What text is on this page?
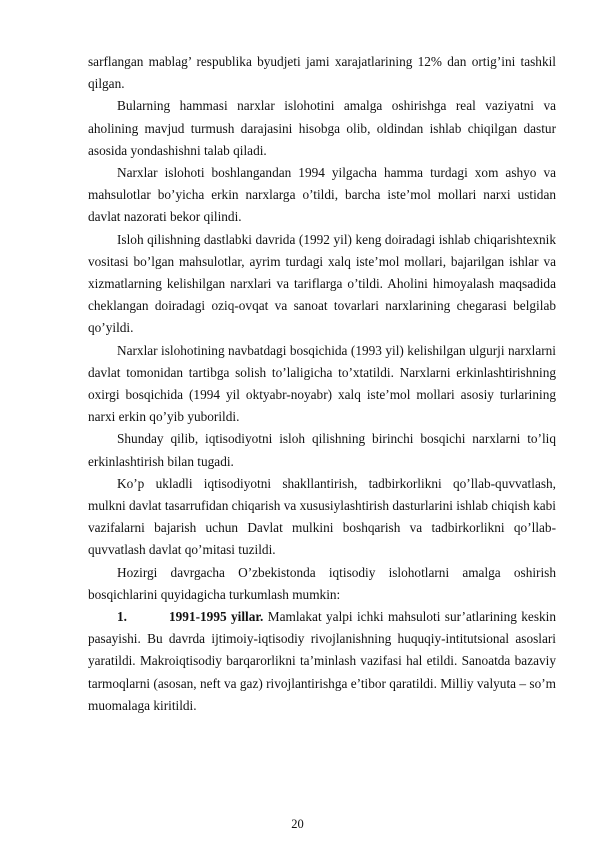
sarflangan mablag’ respublika byudjeti jami xarajatlarining 12% dan ortig’ini tashkil qilgan.

Bularning hammasi narxlar islohotini amalga oshirishga real vaziyatni va aholining mavjud turmush darajasini hisobga olib, oldindan ishlab chiqilgan dastur asosida yondashishni talab qiladi.

Narxlar islohoti boshlangandan 1994 yilgacha hamma turdagi xom ashyo va mahsulotlar bo’yicha erkin narxlarga o’tildi, barcha iste’mol mollari narxi ustidan davlat nazorati bekor qilindi.

Isloh qilishning dastlabki davrida (1992 yil) keng doiradagi ishlab chiqarishtexnik vositasi bo’lgan mahsulotlar, ayrim turdagi xalq iste’mol mollari, bajarilgan ishlar va xizmatlarning kelishilgan narxlari va tariflarga o’tildi. Aholini himoyalash maqsadida cheklangan doiradagi oziq-ovqat va sanoat tovarlari narxlarining chegarasi belgilab qo’yildi.

Narxlar islohotining navbatdagi bosqichida (1993 yil) kelishilgan ulgurji narxlarni davlat tomonidan tartibga solish to’laligicha to’xtatildi. Narxlarni erkinlashtirishning oxirgi bosqichida (1994 yil oktyabr-noyabr) xalq iste’mol mollari asosiy turlarining narxi erkin qo’yib yuborildi.

Shunday qilib, iqtisodiyotni isloh qilishning birinchi bosqichi narxlarni to’liq erkinlashtirish bilan tugadi.

Ko’p ukladli iqtisodiyotni shakllantirish, tadbirkorlikni qo’llab-quvvatlash, mulkni davlat tasarrufidan chiqarish va xususiylashtirish dasturlarini ishlab chiqish kabi vazifalarni bajarish uchun Davlat mulkini boshqarish va tadbirkorlikni qo’llab-quvvatlash davlat qo’mitasi tuzildi.

Hozirgi davrgacha O’zbekistonda iqtisodiy islohotlarni amalga oshirish bosqichlarini quyidagicha turkumlash mumkin:

1.	1991-1995 yillar. Mamlakat yalpi ichki mahsuloti sur’atlarining keskin pasayishi. Bu davrda ijtimoiy-iqtisodiy rivojlanishning huquqiy-intitutsional asoslari yaratildi. Makroiqtisodiy barqarorlikni ta’minlash vazifasi hal etildi. Sanoatda bazaviy tarmoqlarni (asosan, neft va gaz) rivojlantirishga e’tibor qaratildi. Milliy valyuta – so’m muomalaga kiritildi.

20
